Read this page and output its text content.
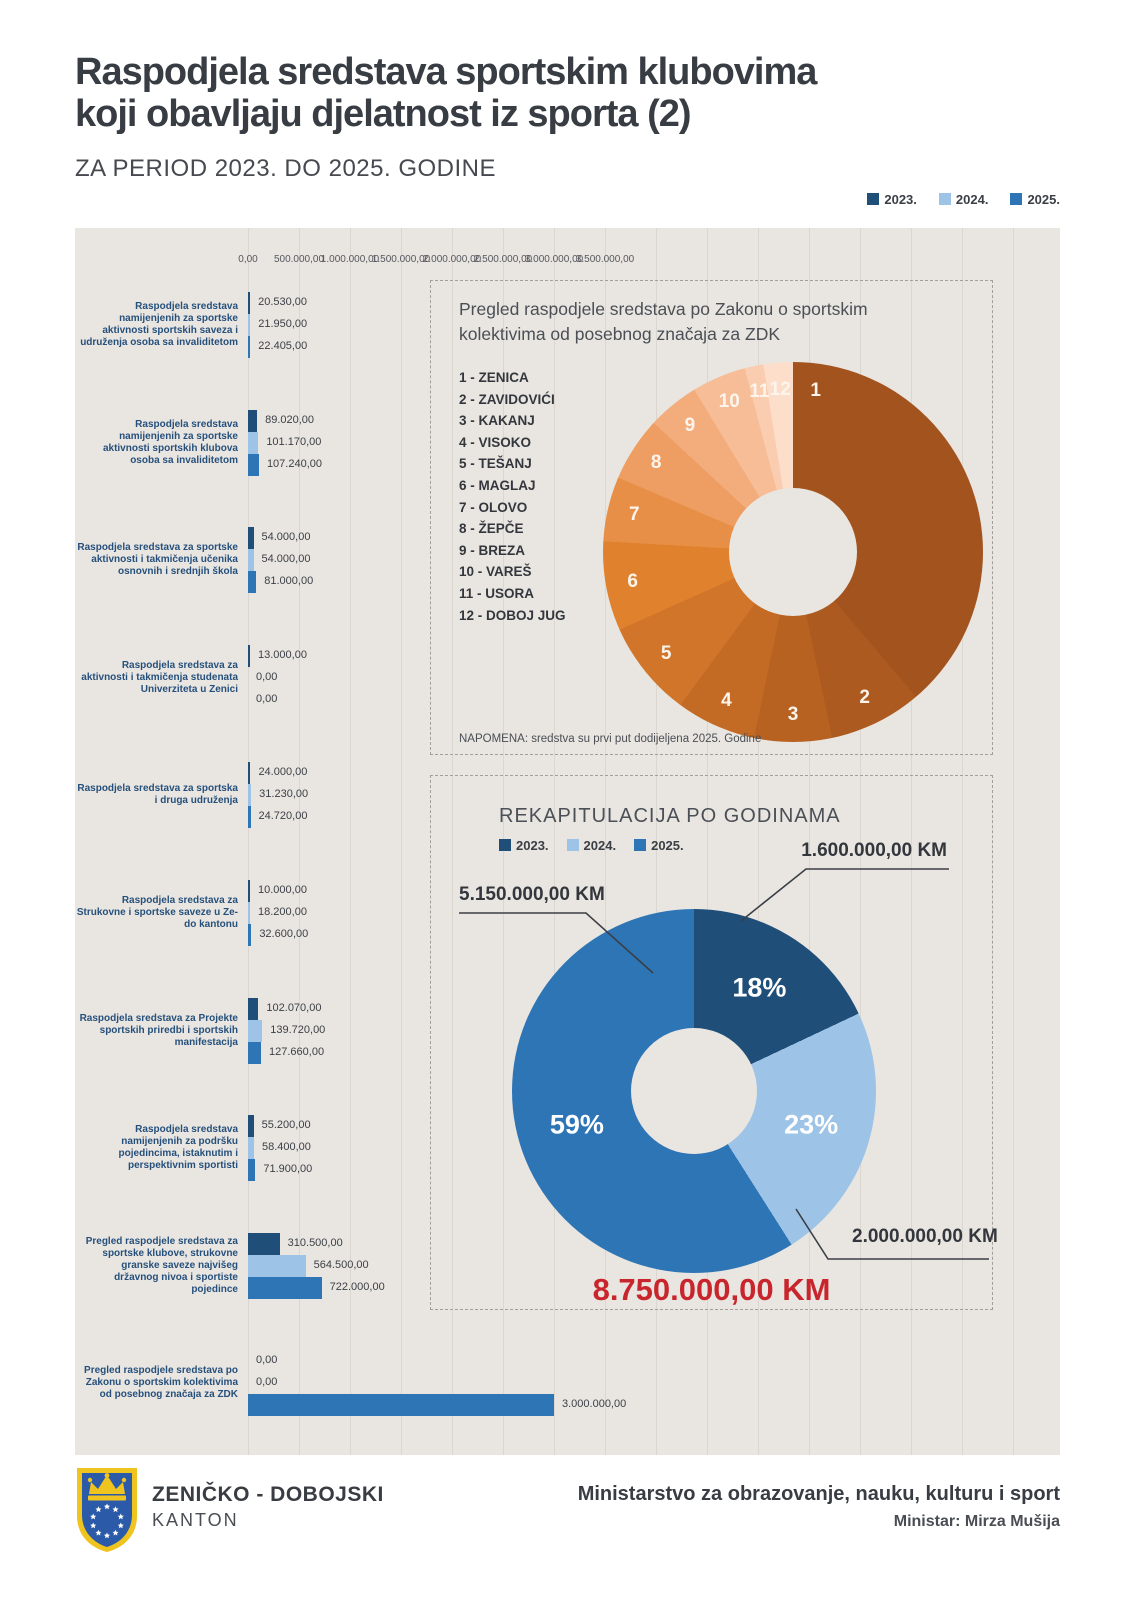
Raspodjela sredstava sportskim klubovima
koji obavljaju djelatnost iz sporta (2)
ZA PERIOD 2023. DO 2025. GODINE
2023.	2024.	2025.
0,00 500.000,00
1.000.000,00
1.500.000,00
2.000.000,00
2.500.000,00
3.000.000,00
3.500.000,00
Raspodjela sredstava namijenjenih za sportske aktivnosti sportskih saveza i udruženja osoba sa invaliditetom
20.530,00
21.950,00
22.405,00
Raspodjela sredstava namijenjenih za sportske aktivnosti sportskih klubova osoba sa invaliditetom
89.020,00
101.170,00
107.240,00
Raspodjela sredstava za sportske aktivnosti i takmičenja učenika osnovnih i srednjih škola
54.000,00
54.000,00
81.000,00
Raspodjela sredstava za aktivnosti i takmičenja studenata Univerziteta u Zenici
13.000,00
0,00
0,00
Raspodjela sredstava za sportska i druga udruženja
24.000,00
31.230,00
24.720,00
Raspodjela sredstava za Strukovne i sportske saveze u Ze-do kantonu
10.000,00
18.200,00
32.600,00
Raspodjela sredstava za Projekte sportskih priredbi i sportskih manifestacija
102.070,00
139.720,00
127.660,00
Raspodjela sredstava namijenjenih za podršku pojedincima, istaknutim i perspektivnim sportisti
55.200,00
58.400,00
71.900,00
Pregled raspodjele sredstava za sportske klubove, strukovne granske saveze najvišeg državnog nivoa i sportiste pojedince
310.500,00
564.500,00
722.000,00
Pregled raspodjele sredstava po Zakonu o sportskim kolektivima od posebnog značaja za ZDK
0,00
0,00
3.000.000,00
Pregled raspodjele sredstava po Zakonu o sportskim kolektivima od posebnog značaja za ZDK
1 - ZENICA
2 - ZAVIDOVIĆI
3 - KAKANJ
4 - VISOKO
5 - TEŠANJ
6 - MAGLAJ
7 - OLOVO
8 - ŽEPČE
9 - BREZA
10 - VAREŠ
11 - USORA
12 - DOBOJ JUG
1
2
3
4
5
6
7
8
9
10 11 12
NAPOMENA: sredstva su prvi put dodijeljena 2025. Godine
REKAPITULACIJA PO GODINAMA
2023.	2024.	2025.
18%
23%
59%
1.600.000,00 KM
5.150.000,00 KM
2.000.000,00 KM
8.750.000,00 KM
ZENIČKO - DOBOJSKI
KANTON
Ministarstvo za obrazovanje, nauku, kulturu i sport
Ministar: Mirza Mušija
